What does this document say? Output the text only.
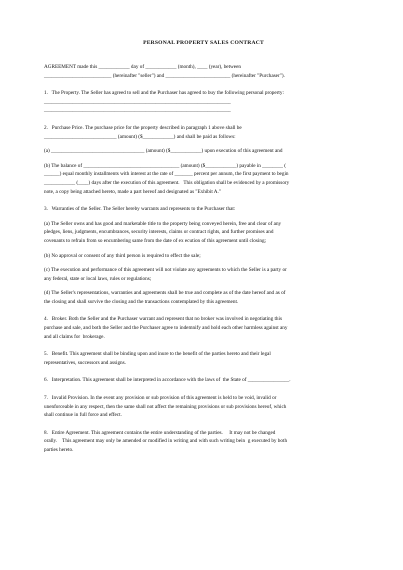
PERSONAL PROPERTY SALES CONTRACT

AGREEMENT made this ____________ day of ____________ (month), ____ (year), between

__________________________ (hereinafter "seller") and _________________________ (hereinafter "Purchaser").

1.   The Property. The Seller has agreed to sell and the Purchaser has agreed to buy the following personal property:

________________________________________________________________________

________________________________________________________________________

2.   Purchase Price. The purchase price for the property described in paragraph 1 above shall be

____________________________ (amount) ($____________) and shall be paid as follows:

(a) ____________________________________ (amount) ($____________) upon execution of this agreement and

(b) The balance of _____________________________________ (amount) ($____________) payable in ________ (

______) equal monthly installments with interest at the rate of _______ percent per annum, the first payment to begin

____________ (____) days after the execution of this agreement.   This obligation shall be evidenced by a promissory

note, a copy being attached hereto, made a part hereof and designated as "Exhibit A."

3.   Warranties of the Seller. The Seller hereby warrants and represents to the Purchaser that:

(a) The Seller owns and has good and marketable title to the property being conveyed herein, free and clear of any

pledges, liens, judgments, encumbrances, security interests, claims or contract rights, and further promises and

covenants to refrain from so encumbering same from the date of ex ecution of this agreement until closing;

(b) No approval or consent of any third person is required to effect the sale;

(c) The execution and performance of this agreement will not violate any agreements to which the Seller is a party or

any federal, state or local laws, rules or regulations;

(d) The Seller's representations, warranties and agreements shall be true and complete as of the date hereof and as of

the closing and shall survive the closing and the transactions contemplated by this agreement.

4.   Broker. Both the Seller and the Purchaser warrant and represent that no broker was involved in negotiating this

purchase and sale, and both the Seller and the Purchaser agree to indemnify and hold each other harmless against any

and all claims for  brokerage.

5.   Benefit. This agreement shall be binding upon and inure to the benefit of the parties hereto and their legal

representatives, successors and assigns.

6.   Interpretation. This agreement shall be interpreted in accordance with the laws of  the State of ________________.

7.   Invalid Provision. In the event any provision or sub provision of this agreement is held to be void, invalid or

unenforceable in any respect, then the same shall not affect the remaining provisions or sub provisions hereof, which

shall continue in full force and effect.

8.   Entire Agreement. This agreement contains the entire understanding of the parties.     It may not be changed

orally.    This agreement may only be amended or modified in writing and with such writing bein  g executed by both

parties hereto.
